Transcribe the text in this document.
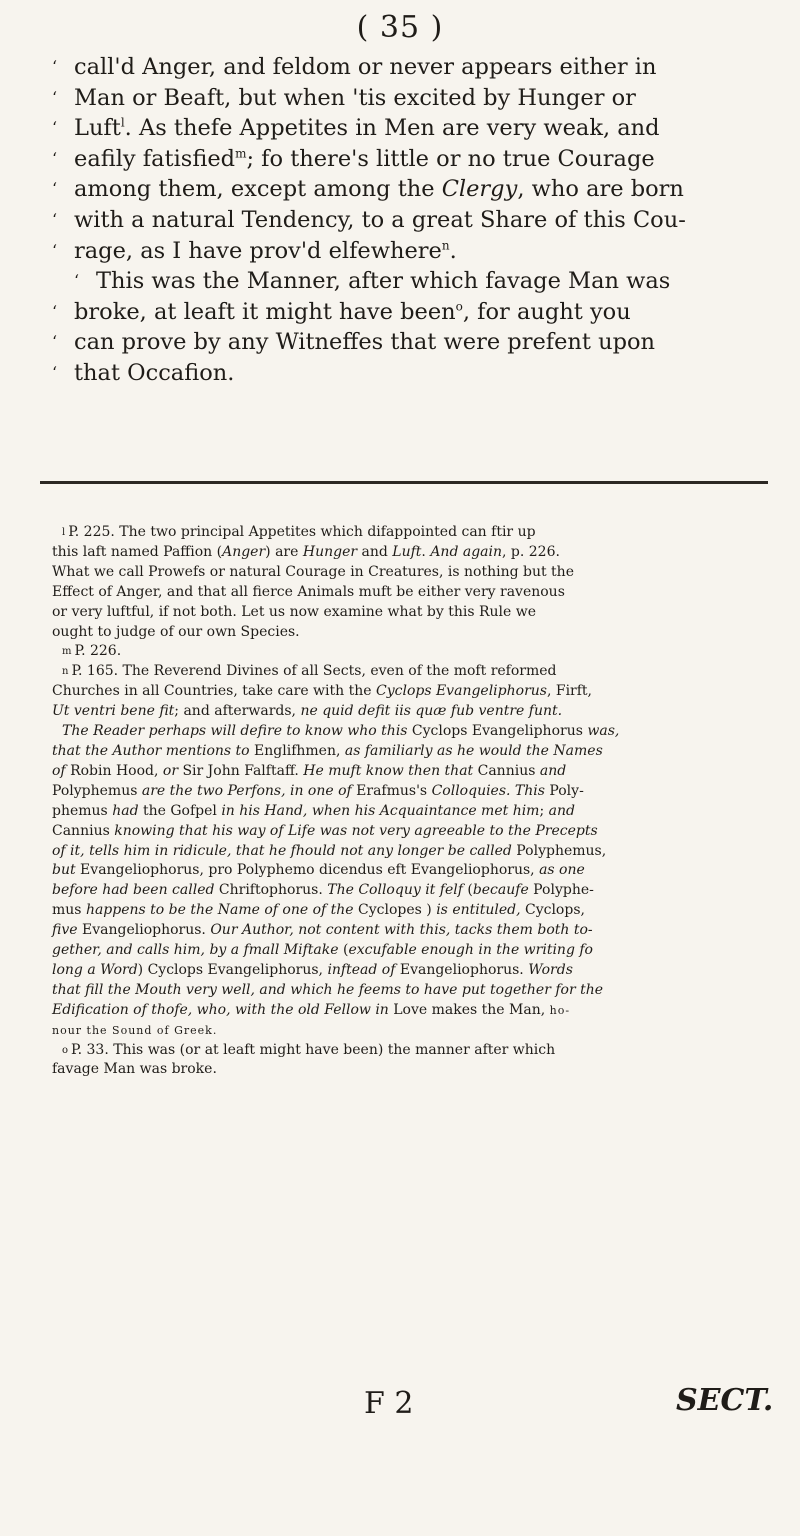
( 35 )
‘ call'd Anger, and feldom or never appears either in
‘ Man or Beaft, but when 'tis excited by Hunger or
‘ Luft$^l$. As thefe Appetites in Men are very weak, and
‘ eafily fatisfied$^m$; fo there's little or no true Courage
‘ among them, except among the Clergy, who are born
‘ with a natural Tendency, to a great Share of this Cou-
‘ rage, as I have prov'd elfewhere$^n$.
‘ This was the Manner, after which favage Man was
‘ broke, at leaft it might have been$^o$, for aught you
‘ can prove by any Witneffes that were prefent upon
‘ that Occafion.
$^l$ P. 225. The two principal Appetites which difappointed can ftir up
this laft named Paffion (Anger) are Hunger and Luft. And again, p. 226.
What we call Prowefs or natural Courage in Creatures, is nothing but the
Effect of Anger, and that all fierce Animals muft be either very ravenous
or very luftful, if not both. Let us now examine what by this Rule we
ought to judge of our own Species.
$^m$ P. 226.
$^n$ P. 165. The Reverend Divines of all Sects, even of the moft reformed
Churches in all Countries, take care with the Cyclops Evangeliphorus, Firft,
Ut ventri bene fit; and afterwards, ne quid defit iis quæ fub ventre funt.
The Reader perhaps will defire to know who this Cyclops Evangeliphorus was,
that the Author mentions to Englifhmen, as familiarly as he would the Names
of Robin Hood, or Sir John Falftaff. He muft know then that Cannius and
Polyphemus are the two Perfons, in one of Erafmus's Colloquies. This Poly-
phemus had the Gofpel in his Hand, when his Acquaintance met him; and
Cannius knowing that his way of Life was not very agreeable to the Precepts
of it, tells him in ridicule, that he fhould not any longer be called Polyphemus,
but Evangeliophorus, pro Polyphemo dicendus eft Evangeliophorus, as one
before had been called Chriftophorus. The Colloquy it felf (becaufe Polyphe-
mus happens to be the Name of one of the Cyclopes ) is entituled, Cyclops,
five Evangeliophorus. Our Author, not content with this, tacks them both to-
gether, and calls him, by a fmall Miftake (excufable enough in the writing fo
long a Word) Cyclops Evangeliphorus, inftead of Evangeliophorus. Words
that fill the Mouth very well, and which he feems to have put together for the
Edification of thofe, who, with the old Fellow in Love makes the Man, ho-
nour the Sound of Greek.
$^o$ P. 33. This was (or at leaft might have been) the manner after which
favage Man was broke.
F 2	SECT.
